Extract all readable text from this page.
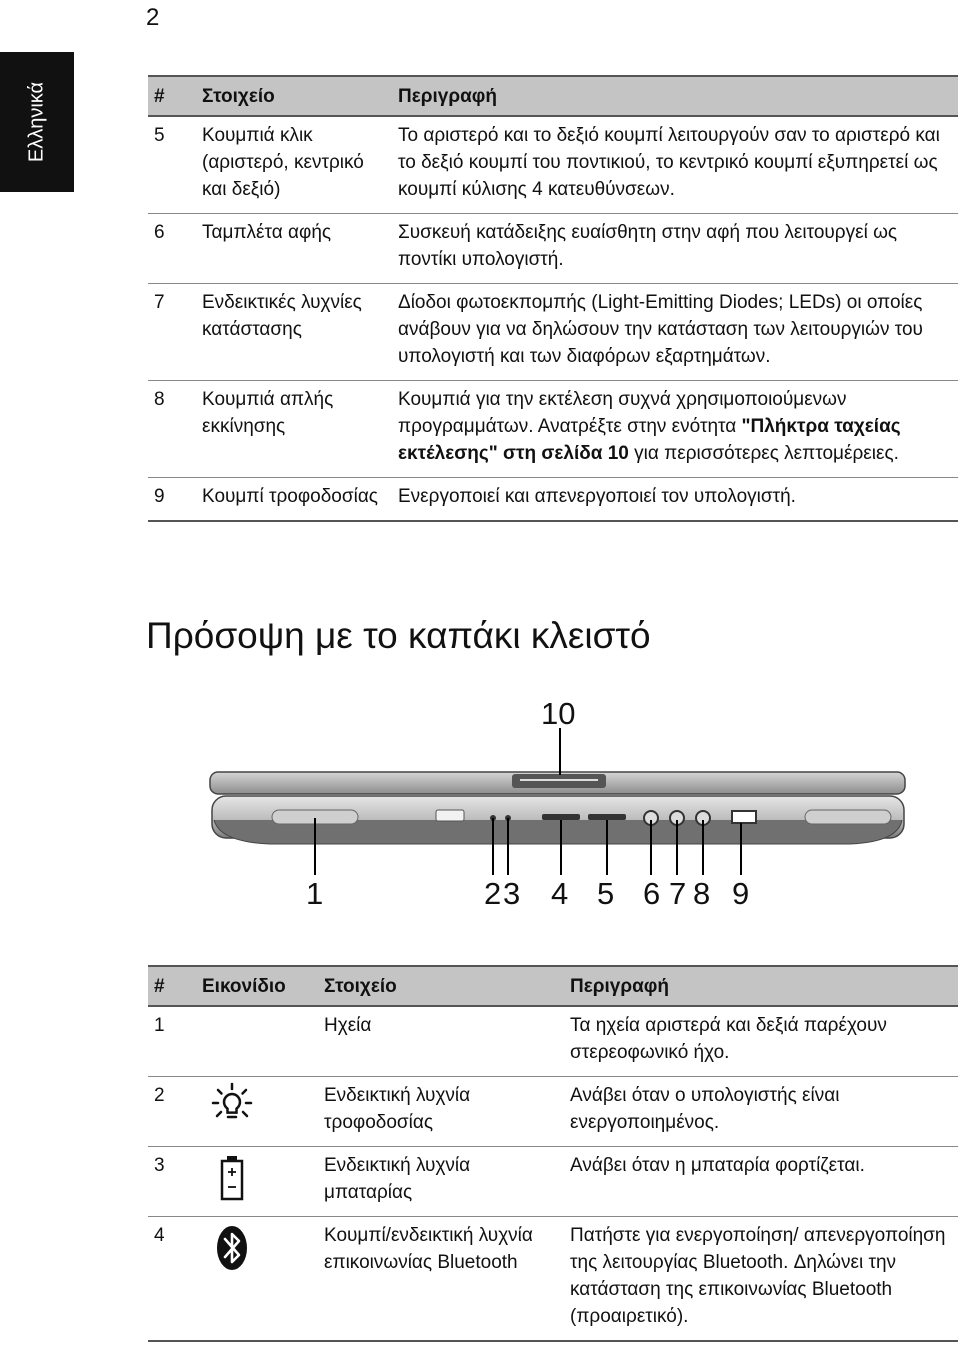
2
Ελληνικά	#	Στοιχείο	Περιγραφή
5	Κουμπιά κλικ (αριστερό, κεντρικό και δεξιό)	Το αριστερό και το δεξιό κουμπί λειτουργούν σαν το αριστερό και το δεξιό κουμπί του ποντικιού, το κεντρικό κουμπί εξυπηρετεί ως κουμπί κύλισης 4 κατευθύνσεων.
6	Ταμπλέτα αφής	Συσκευή κατάδειξης ευαίσθητη στην αφή που λειτουργεί ως ποντίκι υπολογιστή.
7	Ενδεικτικές λυχνίες κατάστασης	Δίοδοι φωτοεκπομπής (Light-Emitting Diodes; LEDs) οι οποίες ανάβουν για να δηλώσουν την κατάσταση των λειτουργιών του υπολογιστή και των διαφόρων εξαρτημάτων.
8	Κουμπιά απλής εκκίνησης	Κουμπιά για την εκτέλεση συχνά χρησιμοποιούμενων προγραμμάτων. Ανατρέξτε στην ενότητα "Πλήκτρα ταχείας εκτέλεσης" στη σελίδα 10 για περισσότερες λεπτομέρειες.
9	Κουμπί τροφοδοσίας	Ενεργοποιεί και απενεργοποιεί τον υπολογιστή.
Πρόσοψη με το καπάκι κλειστό
10
1	2 3 4 5 6 7 8 9
#	Εικονίδιο	Στοιχείο	Περιγραφή
1		Ηχεία	Τα ηχεία αριστερά και δεξιά παρέχουν στερεοφωνικό ήχο.
2		Ενδεικτική λυχνία τροφοδοσίας	Ανάβει όταν ο υπολογιστής είναι ενεργοποιημένος.
3		Ενδεικτική λυχνία μπαταρίας	Ανάβει όταν η μπαταρία φορτίζεται.
4		Κουμπί/ενδεικτική λυχνία επικοινωνίας Bluetooth	Πατήστε για ενεργοποίηση/ απενεργοποίηση της λειτουργίας Bluetooth. Δηλώνει την κατάσταση της επικοινωνίας Bluetooth (προαιρετικό).
